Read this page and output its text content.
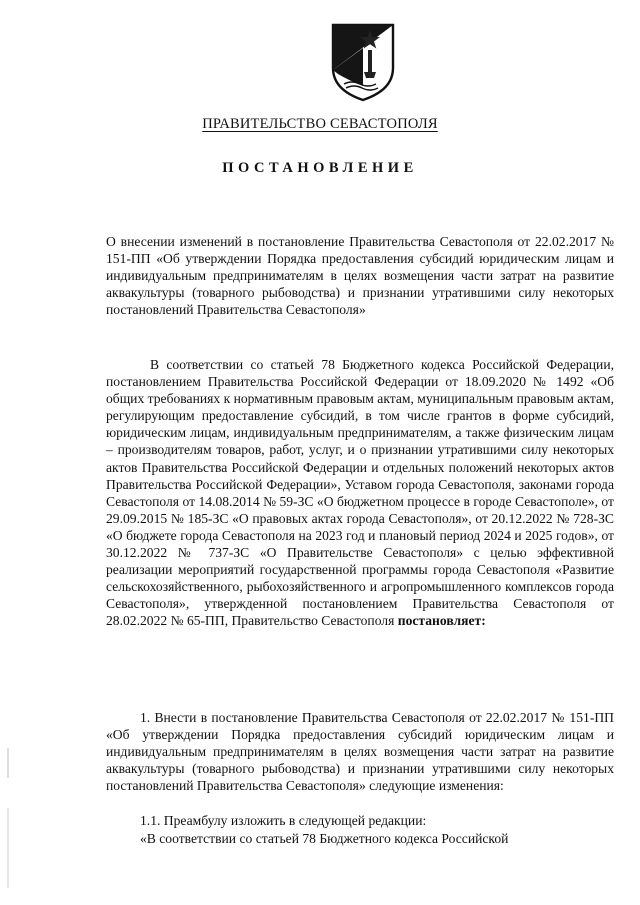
ПРАВИТЕЛЬСТВО СЕВАСТОПОЛЯ
ПОСТАНОВЛЕНИЕ
О внесении изменений в постановление Правительства Севастополя от 22.02.2017 № 151-ПП «Об утверждении Порядка предоставления субсидий юридическим лицам и индивидуальным предпринимателям в целях возмещения части затрат на развитие аквакультуры (товарного рыбоводства) и признании утратившими силу некоторых постановлений Правительства Севастополя»
В соответствии со статьей 78 Бюджетного кодекса Российской Федерации, постановлением Правительства Российской Федерации от 18.09.2020 № 1492 «Об общих требованиях к нормативным правовым актам, муниципальным правовым актам, регулирующим предоставление субсидий, в том числе грантов в форме субсидий, юридическим лицам, индивидуальным предпринимателям, а также физическим лицам – производителям товаров, работ, услуг, и о признании утратившими силу некоторых актов Правительства Российской Федерации и отдельных положений некоторых актов Правительства Российской Федерации», Уставом города Севастополя, законами города Севастополя от 14.08.2014 № 59-ЗС «О бюджетном процессе в городе Севастополе», от 29.09.2015 № 185-ЗС «О правовых актах города Севастополя», от 20.12.2022 № 728-ЗС «О бюджете города Севастополя на 2023 год и плановый период 2024 и 2025 годов», от 30.12.2022 № 737-ЗС «О Правительстве Севастополя» с целью эффективной реализации мероприятий государственной программы города Севастополя «Развитие сельскохозяйственного, рыбохозяйственного и агропромышленного комплексов города Севастополя», утвержденной постановлением Правительства Севастополя от 28.02.2022 № 65-ПП, Правительство Севастополя постановляет:
1. Внести в постановление Правительства Севастополя от 22.02.2017 № 151-ПП «Об утверждении Порядка предоставления субсидий юридическим лицам и индивидуальным предпринимателям в целях возмещения части затрат на развитие аквакультуры (товарного рыбоводства) и признании утратившими силу некоторых постановлений Правительства Севастополя» следующие изменения:
1.1. Преамбулу изложить в следующей редакции:
«В соответствии со статьей 78 Бюджетного кодекса Российской
